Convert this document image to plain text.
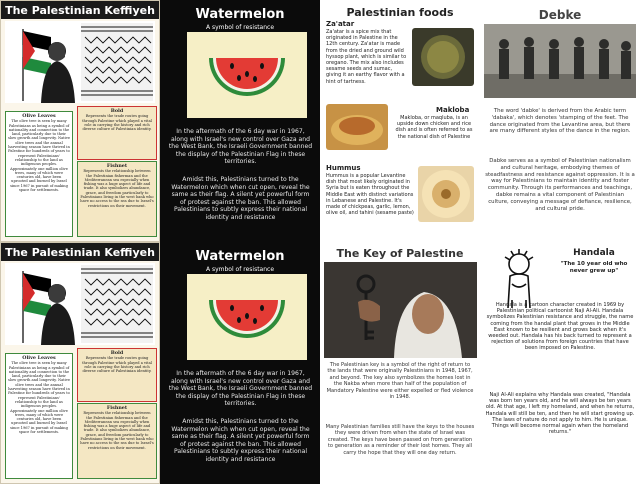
The Palestinian Keffiyeh
Olive Leaves
The olive tree is seen by many Palestinians as being a symbol of nationality and connection to the land, particularly due to their slow growth and longevity. Native olive trees and the annual harvesting season have thrived in Palestine for hundreds of years to represent Palestinians' relationship to the land as indigenous peoples. Approximately one million olive trees, many of which were centuries old, have been uprooted and burned by Israel since 1967 in pursuit of making space for settlements.
Bold
Represents the trade routes going through Palestine which played a vital role in carrying the history and rich diverse culture of Palestinian identity.
Fishnet
Represents the relationship between the Palestinian fisherman and the Mediterranean sea especially when fishing was a huge aspect of life and trade. It also symbolizes abundance, grace, and freedom particularly to Palestinians living in the west bank who have no access to the sea due to Israel's restrictions on their movement.
Watermelon
A symbol of resistance
In the aftermath of the 6 day war in 1967, along with Israel's new control over Gaza and the West Bank, the Israeli Government banned the display of the Palestinian Flag in these territories.
Amidst this, Palestinians turned to the Watermelon which when cut open, reveal the same as their flag. A silent yet powerful form of protest against the ban. This allowed Palestinians to subtly express their national identity and resistance
Palestinian foods
Za'atar
Za'atar is a spice mix that originated in Palestine in the 12th century. Za'atar is made from the dried and ground wild hyssop plant, which is similar to oregano. The mix also includes sesame seeds and sumac, giving it an earthy flavor with a hint of tartness.
Makloba
Makloba, or maqluba, is an upside down chicken and rice dish and is often referred to as the national dish of Palestine
Hummus
Hummus is a popular Levantine dish that most likely originated in Syria but is eaten throughout the Middle East with distinct variations in Lebanese and Palestine. It's made of chickpeas, garlic, lemon, olive oil, and tahini (sesame paste)
Debke
The word 'dabke' is derived from the Arabic term 'dabaka', which denotes 'stamping of the feet. The dance originated from the Levantine area, but there are many different styles of the dance in the region.
Dabke serves as a symbol of Palestinian nationalism and cultural heritage, embodying themes of steadfastness and resistance against oppression. It is a way for Palestinians to maintain identity and foster community. Through its performances and teachings, dabke remains a vital component of Palestinian culture, conveying a message of defiance, resilience, and cultural pride.
The Palestinian Keffiyeh
Olive Leaves
The olive tree is seen by many Palestinians as being a symbol of nationality and connection to the land, particularly due to their slow growth and longevity. Native olive trees and the annual harvesting season have thrived in Palestine for hundreds of years to represent Palestinians' relationship to the land as indigenous peoples. Approximately one million olive trees, many of which were centuries old, have been uprooted and burned by Israel since 1967 in pursuit of making space for settlements.
Bold
Represents the trade routes going through Palestine which played a vital role in carrying the history and rich diverse culture of Palestinian identity.
Fishnet
Represents the relationship between the Palestinian fisherman and the Mediterranean sea especially when fishing was a huge aspect of life and trade. It also symbolizes abundance, grace, and freedom particularly to Palestinians living in the west bank who have no access to the sea due to Israel's restrictions on their movement.
Watermelon
A symbol of resistance
In the aftermath of the 6 day war in 1967, along with Israel's new control over Gaza and the West Bank, the Israeli Government banned the display of the Palestinian Flag in these territories.
Amidst this, Palestinians turned to the Watermelon which when cut open, reveal the same as their flag. A silent yet powerful form of protest against the ban. This allowed Palestinians to subtly express their national identity and resistance
The Key of Palestine
The Palestinian key is a symbol of the right of return to the lands that were originally Palestinians in 1948, 1967, and beyond. The key also symbolizes the homes lost in the Nakba when more than half of the population of Mandatory Palestine were either expelled or fled violence in 1948.
Many Palestinian families still have the keys to the houses they were driven from when the state of Israel was created. The keys have been passed on from generation to generation as a reminder of their lost homes. They all carry the hope that they will one day return.
Handala
"The 10 year old who never grew up"
Handala is a cartoon character created in 1969 by Palestinian political cartoonist Naji Al-Ali. Handala symbolizes Palestinian resistance and struggle, the name coming from the handal plant that grows in the Middle East known to be resilient and grows back when it's weeded out. Handala has his back turned to represent a rejection of solutions from foreign countries that have been imposed on Palestine.
Naji Al-Ali explains why Handala was created, "Handala was born ten years old, and he will always be ten years old. At that age, I left my homeland, and when he returns, Handala will still be ten, and then he will start growing up. The laws of nature do not apply to him. He is unique. Things will become normal again when the homeland returns."
